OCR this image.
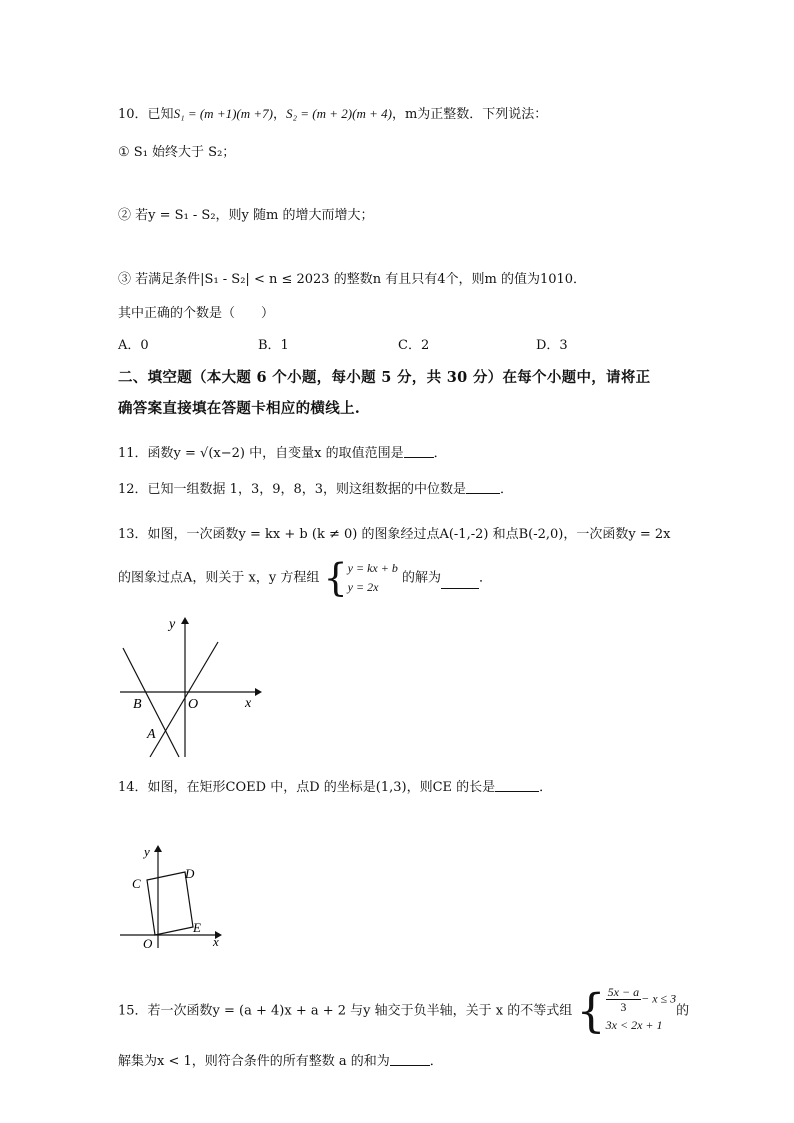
10．已知S₁ = (m +1)(m +7)，S₂ = (m + 2)(m + 4)，m为正整数．下列说法：
① S₁ 始终大于 S₂；
② 若y = S₁ - S₂，则y 随m 的增大而增大；
③ 若满足条件|S₁ - S₂| < n ≤ 2023 的整数n 有且只有4个，则m 的值为1010．
其中正确的个数是（　　）
A．0	B．1	C．2	D．3
二、填空题（本大题 6 个小题，每小题 5 分，共 30 分）在每个小题中，请将正
确答案直接填在答题卡相应的横线上.
11．函数y = √(x−2) 中，自变量x 的取值范围是 ．
12．已知一组数据 1，3，9，8，3，则这组数据的中位数是	．
13．如图，一次函数y = kx + b (k ≠ 0) 的图象经过点A(-1,-2) 和点B(-2,0)，一次函数y = 2x
的图象过点A，则关于 x，y 方程组 { y = kx + b
y = 2x
的解为	．
y
x
O
B
A
14．如图，在矩形COED 中，点D 的坐标是(1,3)，则CE 的长是	．
y
x
O
C
D
E
15．若一次函数y = (a + 4)x + a + 2 与y 轴交于负半轴，关于 x 的不等式组 { $\frac{5x - a}{3} - x \le 3$
3x < 2x + 1
的
解集为x < 1，则符合条件的所有整数 a 的和为	．
